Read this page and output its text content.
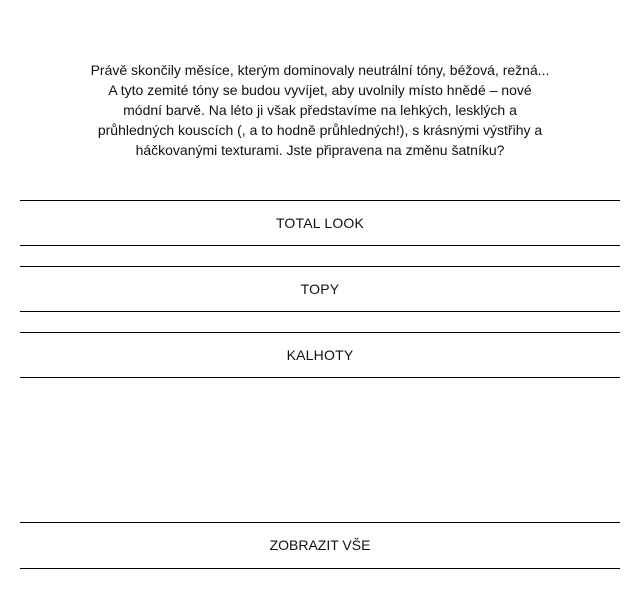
Právě skončily měsíce, kterým dominovaly neutrální tóny, béžová, režná...
A tyto zemité tóny se budou vyvíjet, aby uvolnily místo hnědé – nové
módní barvě. Na léto ji však představíme na lehkých, lesklých a
průhledných kouscích (, a to hodně průhledných!), s krásnými výstřihy a
háčkovanými texturami. Jste připravena na změnu šatníku?
TOTAL LOOK
TOPY
KALHOTY
ZOBRAZIT VŠE
